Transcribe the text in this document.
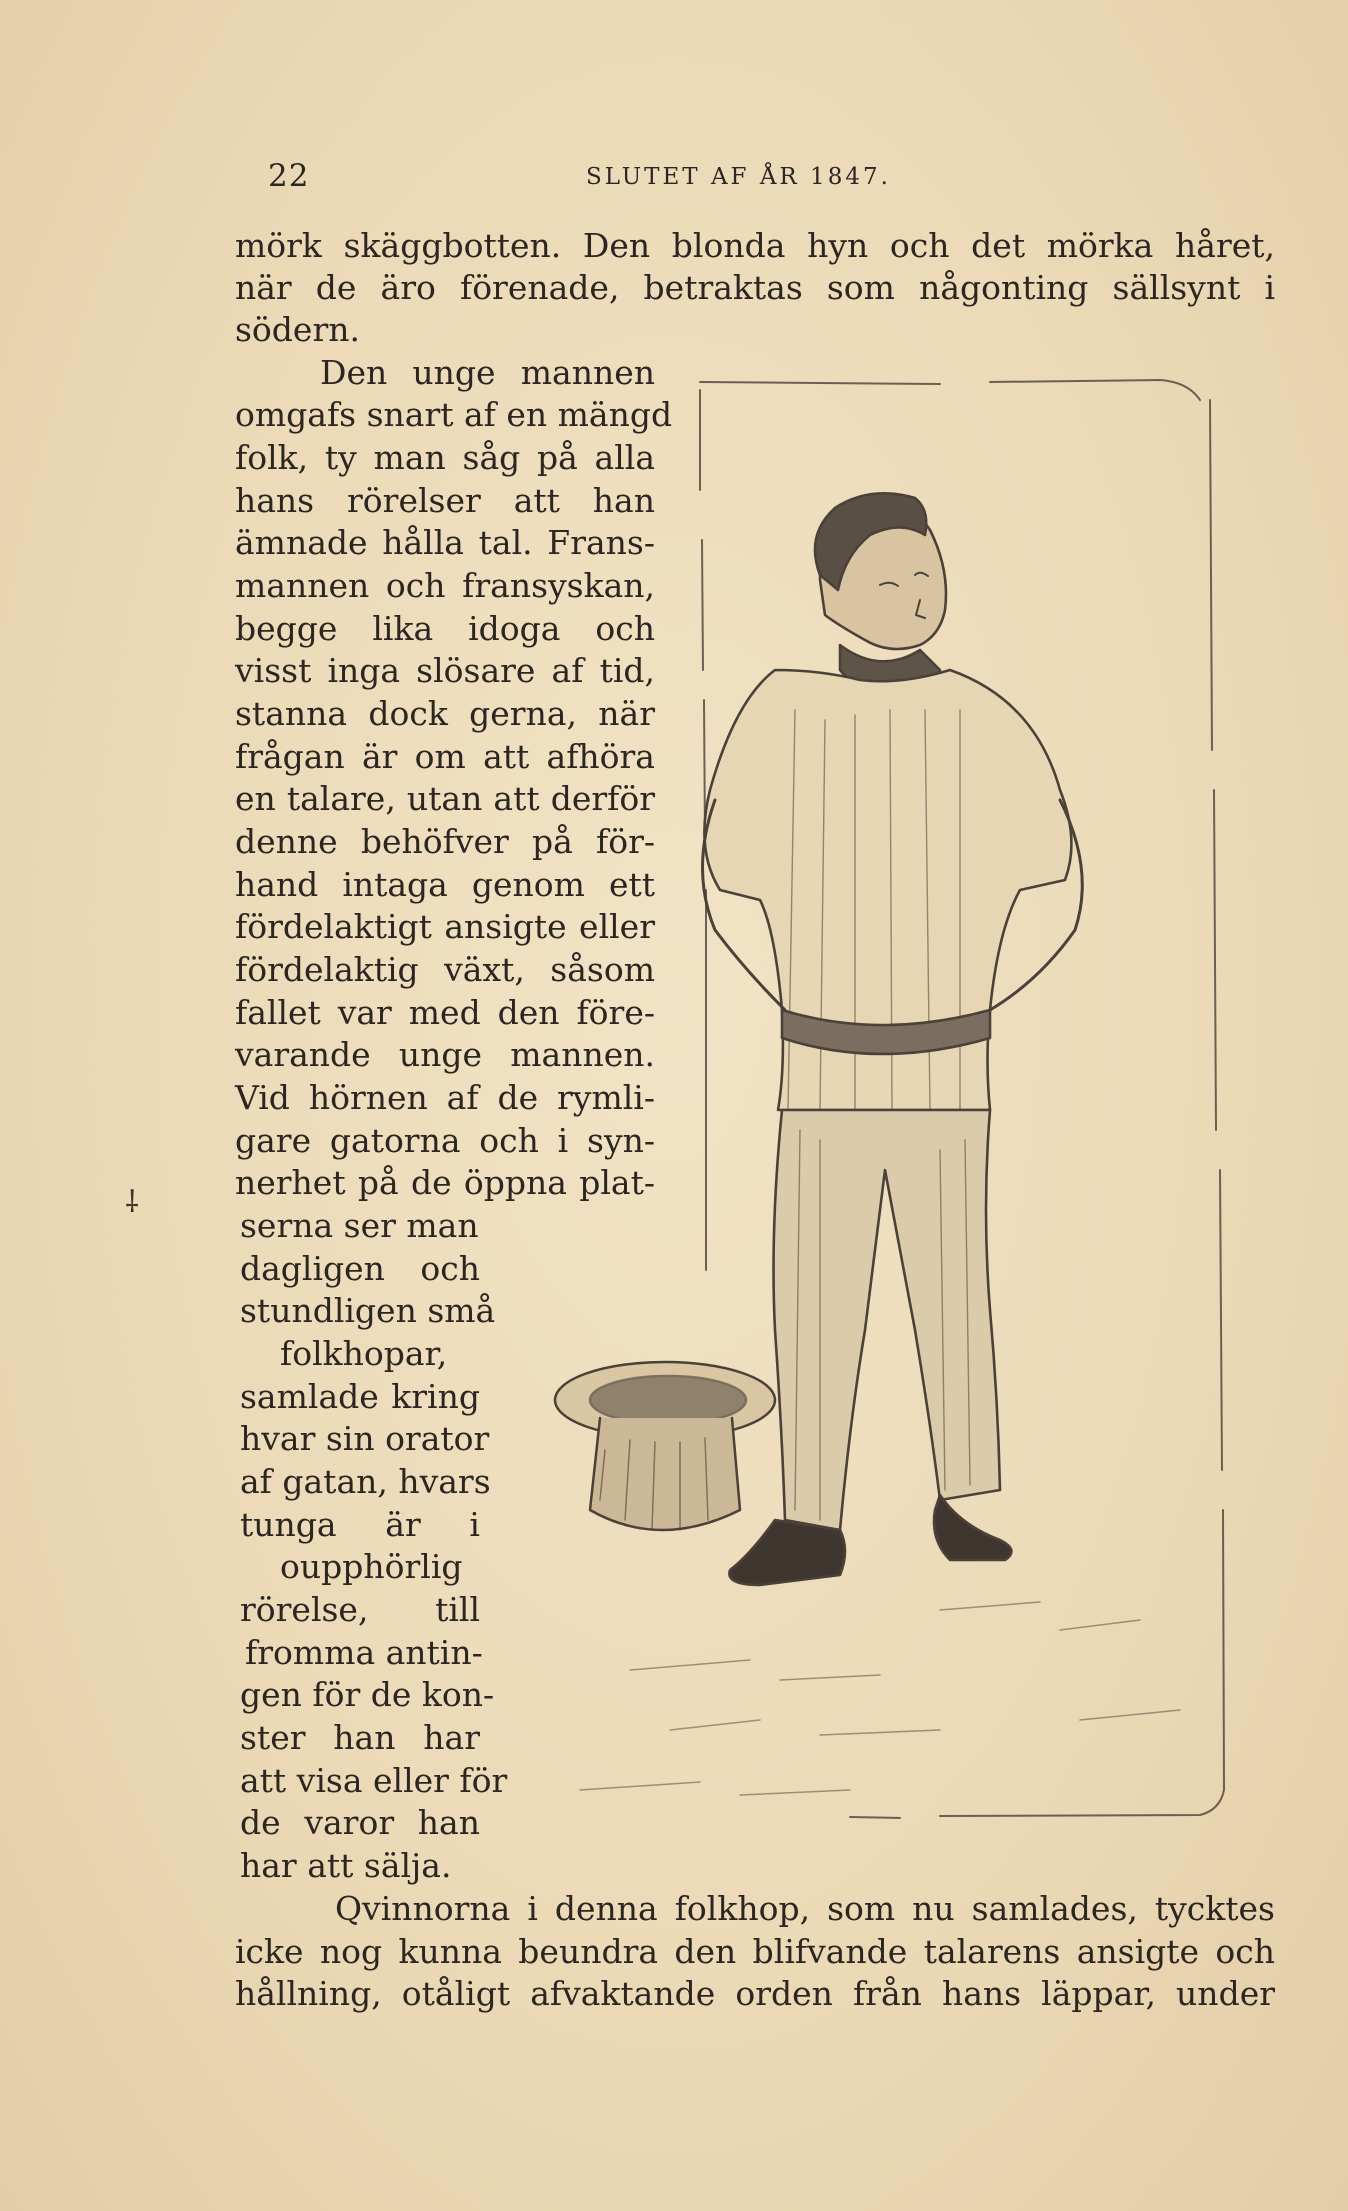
22	SLUTET AF ÅR 1847.
mörk skäggbotten. Den blonda hyn och det mörka håret,
när de äro förenade, betraktas som någonting sällsynt i
södern.
Den unge mannen
omgafs snart af en mängd
folk, ty man såg på alla
hans rörelser att han
ämnade hålla tal. Frans-
mannen och fransyskan,
begge lika idoga och
visst inga slösare af tid,
stanna dock gerna, när
frågan är om att afhöra
en talare, utan att derför
denne behöfver på för-
hand intaga genom ett
fördelaktigt ansigte eller
fördelaktig växt, såsom
fallet var med den före-
varande unge mannen.
Vid hörnen af de rymli-
gare gatorna och i syn-
nerhet på de öppna plat-
serna ser man
dagligen och
stundligen små
folkhopar,
samlade kring
hvar sin orator
af gatan, hvars
tunga är i
oupphörlig
rörelse, till
fromma antin-
gen för de kon-
ster han har
att visa eller för
de varor han
har att sälja.
Qvinnorna i denna folkhop, som nu samlades, tycktes
icke nog kunna beundra den blifvande talarens ansigte och
hållning, otåligt afvaktande orden från hans läppar, under
⸸
